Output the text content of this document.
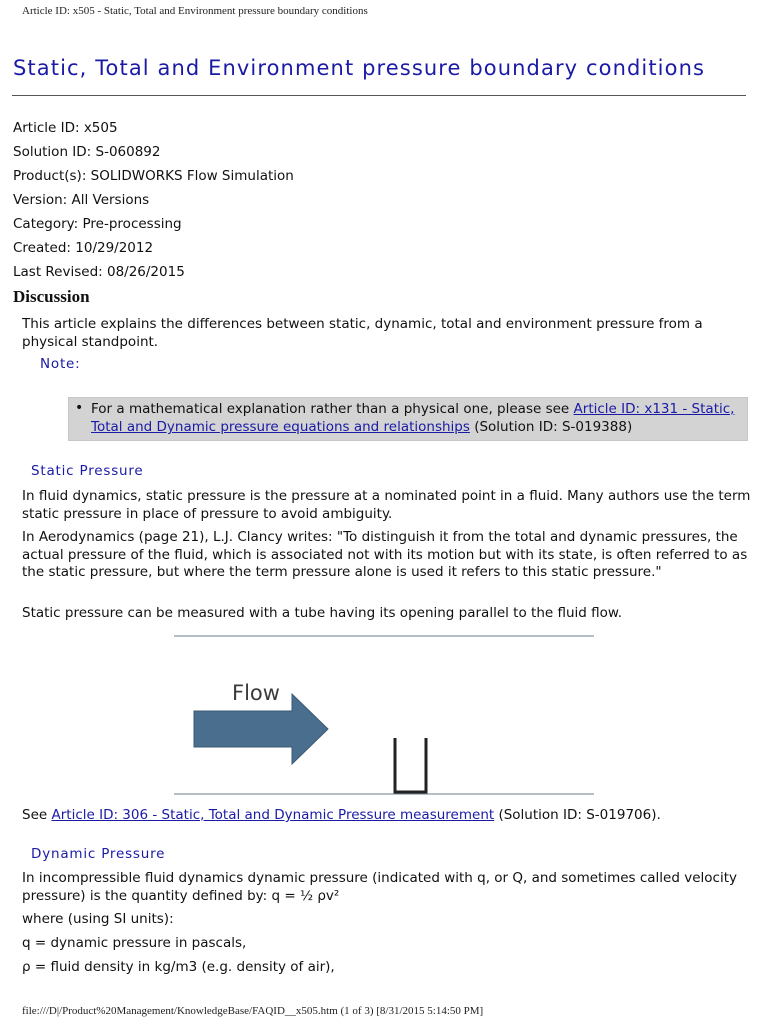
Article ID: x505 - Static, Total and Environment pressure boundary conditions
Static, Total and Environment pressure boundary conditions
Article ID: x505
Solution ID: S-060892
Product(s): SOLIDWORKS Flow Simulation
Version: All Versions
Category: Pre-processing
Created: 10/29/2012
Last Revised: 08/26/2015
Discussion

This article explains the differences between static, dynamic, total and environment pressure from a physical standpoint.

Note:
• For a mathematical explanation rather than a physical one, please see Article ID: x131 - Static, Total and Dynamic pressure equations and relationships (Solution ID: S-019388)
Static Pressure

In fluid dynamics, static pressure is the pressure at a nominated point in a fluid. Many authors use the term static pressure in place of pressure to avoid ambiguity.

In Aerodynamics (page 21), L.J. Clancy writes: "To distinguish it from the total and dynamic pressures, the actual pressure of the fluid, which is associated not with its motion but with its state, is often referred to as the static pressure, but where the term pressure alone is used it refers to this static pressure."

Static pressure can be measured with a tube having its opening parallel to the fluid flow.

Flow

See Article ID: 306 - Static, Total and Dynamic Pressure measurement (Solution ID: S-019706).

Dynamic Pressure

In incompressible fluid dynamics dynamic pressure (indicated with q, or Q, and sometimes called velocity pressure) is the quantity defined by: q = ½ ρv²

where (using SI units):

q = dynamic pressure in pascals,

ρ = fluid density in kg/m3 (e.g. density of air),

file:///D|/Product%20Management/KnowledgeBase/FAQID__x505.htm (1 of 3) [8/31/2015 5:14:50 PM]
